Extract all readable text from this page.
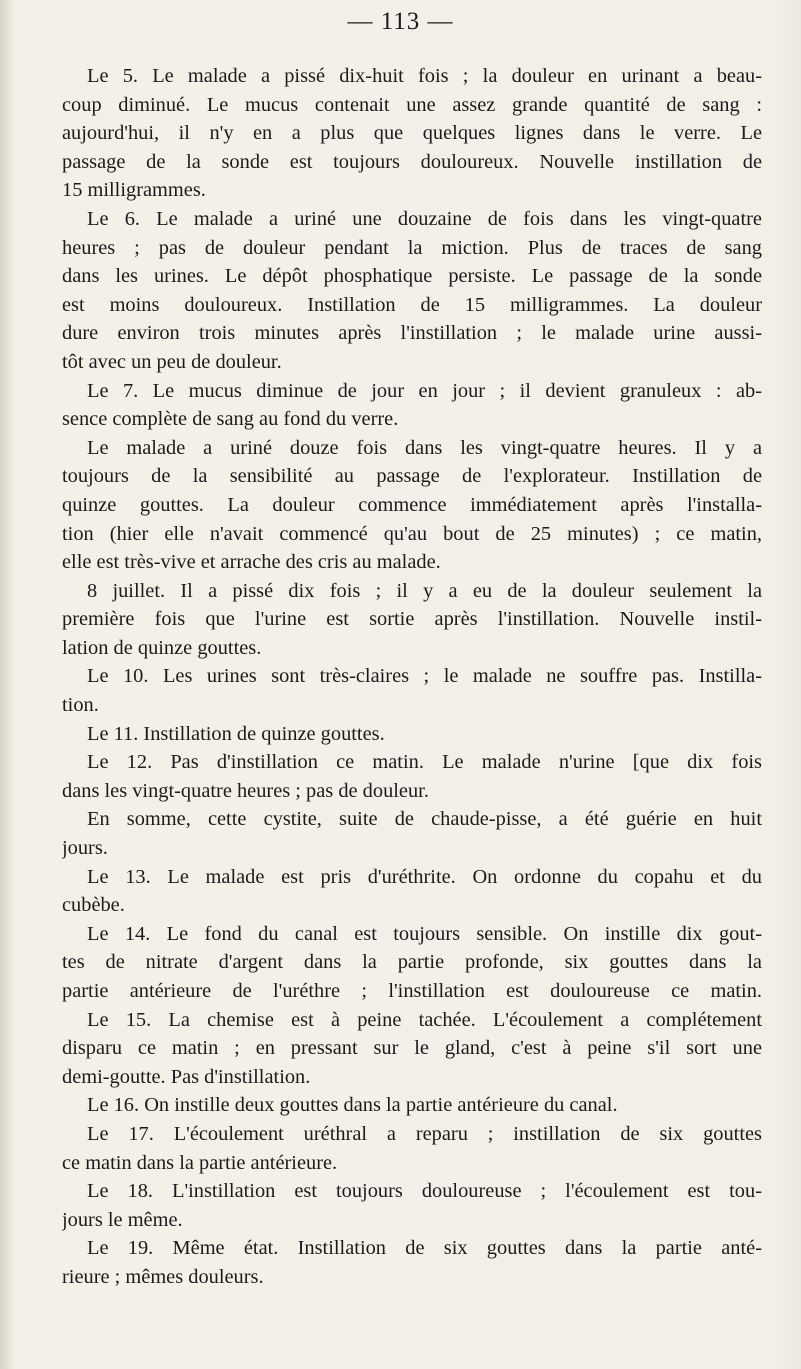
— 113 —
Le 5. Le malade a pissé dix-huit fois ; la douleur en urinant a beau-
coup diminué. Le mucus contenait une assez grande quantité de sang :
aujourd'hui, il n'y en a plus que quelques lignes dans le verre. Le
passage de la sonde est toujours douloureux. Nouvelle instillation de
15 milligrammes.
Le 6. Le malade a uriné une douzaine de fois dans les vingt-quatre
heures ; pas de douleur pendant la miction. Plus de traces de sang
dans les urines. Le dépôt phosphatique persiste. Le passage de la sonde
est moins douloureux. Instillation de 15 milligrammes. La douleur
dure environ trois minutes après l'instillation ; le malade urine aussi-
tôt avec un peu de douleur.
Le 7. Le mucus diminue de jour en jour ; il devient granuleux : ab-
sence complète de sang au fond du verre.
Le malade a uriné douze fois dans les vingt-quatre heures. Il y a
toujours de la sensibilité au passage de l'explorateur. Instillation de
quinze gouttes. La douleur commence immédiatement après l'installa-
tion (hier elle n'avait commencé qu'au bout de 25 minutes) ; ce matin,
elle est très-vive et arrache des cris au malade.
8 juillet. Il a pissé dix fois ; il y a eu de la douleur seulement la
première fois que l'urine est sortie après l'instillation. Nouvelle instil-
lation de quinze gouttes.
Le 10. Les urines sont très-claires ; le malade ne souffre pas. Instilla-
tion.
Le 11. Instillation de quinze gouttes.
Le 12. Pas d'instillation ce matin. Le malade n'urine [que dix fois
dans les vingt-quatre heures ; pas de douleur.
En somme, cette cystite, suite de chaude-pisse, a été guérie en huit
jours.
Le 13. Le malade est pris d'uréthrite. On ordonne du copahu et du
cubèbe.
Le 14. Le fond du canal est toujours sensible. On instille dix gout-
tes de nitrate d'argent dans la partie profonde, six gouttes dans la
partie antérieure de l'uréthre ; l'instillation est douloureuse ce matin.
Le 15. La chemise est à peine tachée. L'écoulement a complétement
disparu ce matin ; en pressant sur le gland, c'est à peine s'il sort une
demi-goutte. Pas d'instillation.
Le 16. On instille deux gouttes dans la partie antérieure du canal.
Le 17. L'écoulement uréthral a reparu ; instillation de six gouttes
ce matin dans la partie antérieure.
Le 18. L'instillation est toujours douloureuse ; l'écoulement est tou-
jours le même.
Le 19. Même état. Instillation de six gouttes dans la partie anté-
rieure ; mêmes douleurs.
